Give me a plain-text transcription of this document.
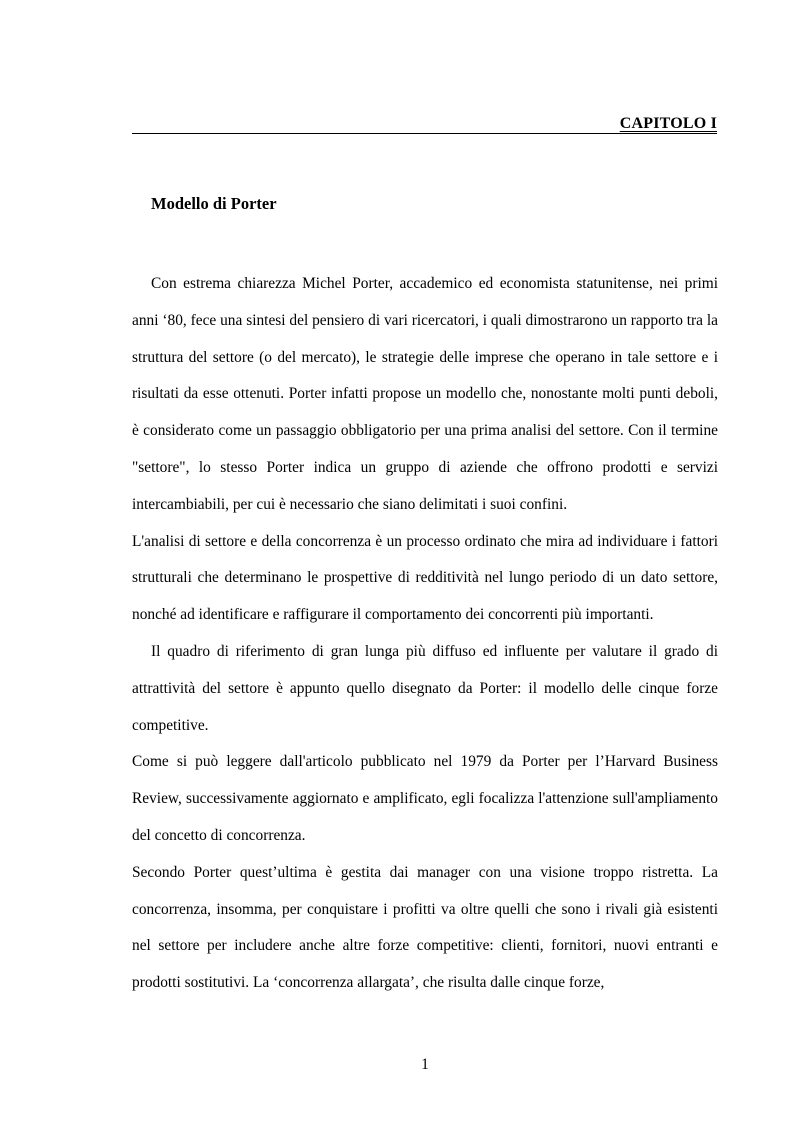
CAPITOLO I
Modello di Porter

Con estrema chiarezza Michel Porter, accademico ed economista statunitense, nei primi anni ‘80, fece una sintesi del pensiero di vari ricercatori, i quali dimostrarono un rapporto tra la struttura del settore (o del mercato), le strategie delle imprese che operano in tale settore e i risultati da esse ottenuti. Porter infatti propose un modello che, nonostante molti punti deboli, è considerato come un passaggio obbligatorio per una prima analisi del settore. Con il termine "settore", lo stesso Porter indica un gruppo di aziende che offrono prodotti e servizi intercambiabili, per cui è necessario che siano delimitati i suoi confini.

L'analisi di settore e della concorrenza è un processo ordinato che mira ad individuare i fattori strutturali che determinano le prospettive di redditività nel lungo periodo di un dato settore, nonché ad identificare e raffigurare il comportamento dei concorrenti più importanti.

Il quadro di riferimento di gran lunga più diffuso ed influente per valutare il grado di attrattività del settore è appunto quello disegnato da Porter: il modello delle cinque forze competitive.

Come si può leggere dall'articolo pubblicato nel 1979 da Porter per l’Harvard Business Review, successivamente aggiornato e amplificato, egli focalizza l'attenzione sull'ampliamento del concetto di concorrenza.

Secondo Porter quest’ultima è gestita dai manager con una visione troppo ristretta. La concorrenza, insomma, per conquistare i profitti va oltre quelli che sono i rivali già esistenti nel settore per includere anche altre forze competitive: clienti, fornitori, nuovi entranti e prodotti sostitutivi. La ‘concorrenza allargata’, che risulta dalle cinque forze,

1
